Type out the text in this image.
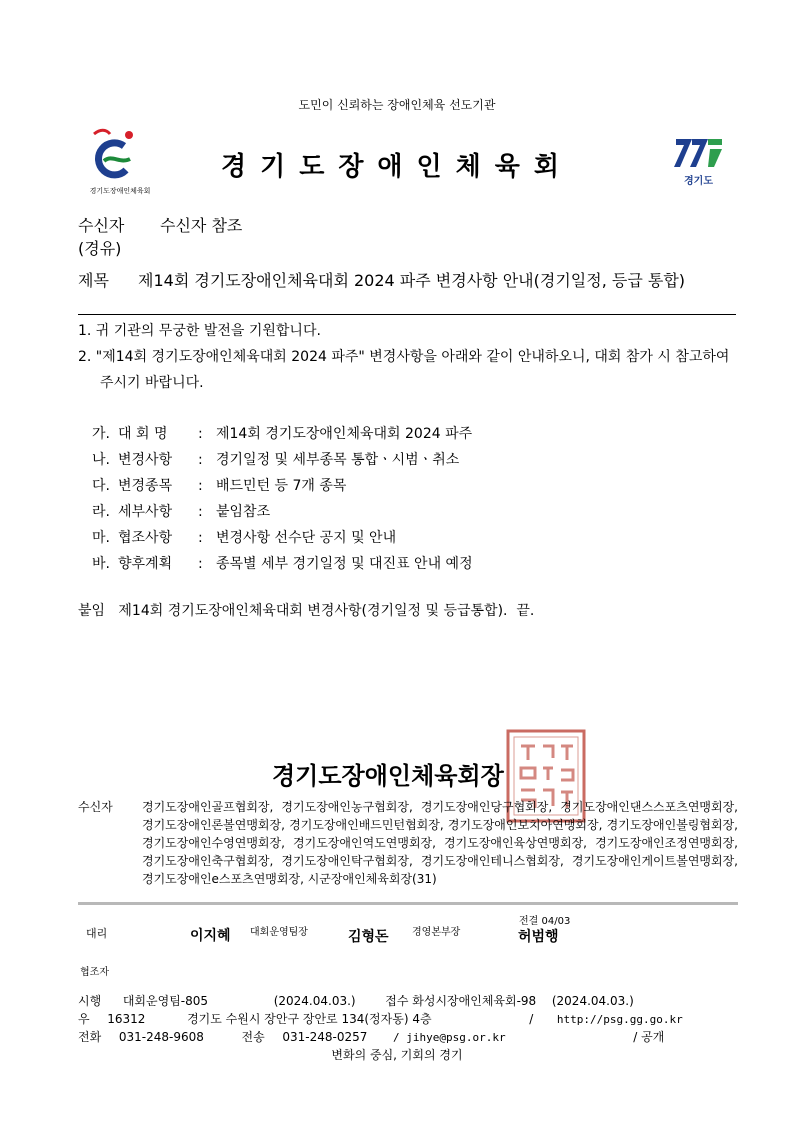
도민이 신뢰하는 장애인체육 선도기관
경기도장애인체육회
경기도장애인체육회	경기도
수신자 수신자 참조
(경유)
제목 제14회 경기도장애인체육대회 2024 파주 변경사항 안내(경기일정, 등급 통합)
1. 귀 기관의 무궁한 발전을 기원합니다.
2. "제14회 경기도장애인체육대회 2024 파주" 변경사항을 아래와 같이 안내하오니, 대회 참가 시 참고하여 주시기 바랍니다.
가. 대 회 명 : 제14회 경기도장애인체육대회 2024 파주
나. 변경사항 : 경기일정 및 세부종목 통합ㆍ시범ㆍ취소
다. 변경종목 : 배드민턴 등 7개 종목
라. 세부사항 : 붙임참조
마. 협조사항 : 변경사항 선수단 공지 및 안내
바. 향후계획 : 종목별 세부 경기일정 및 대진표 안내 예정
붙임   제14회 경기도장애인체육대회 변경사항(경기일정 및 등급통합).  끝.
경기도장애인체육회장
수신자 경기도장애인골프협회장, 경기도장애인농구협회장, 경기도장애인당구협회장, 경기도장애인댄스스포츠연맹회장, 경기도장애인론볼연맹회장, 경기도장애인배드민턴협회장, 경기도장애인보치아연맹회장, 경기도장애인볼링협회장, 경기도장애인수영연맹회장, 경기도장애인역도연맹회장, 경기도장애인육상연맹회장, 경기도장애인조정연맹회장, 경기도장애인축구협회장, 경기도장애인탁구협회장, 경기도장애인테니스협회장, 경기도장애인게이트볼연맹회장, 경기도장애인e스포츠연맹회장, 시군장애인체육회장(31)
대리	이지혜 대회운영팀장	김형돈 경영본부장
전결 04/03
허범행
협조자
시행 대회운영팀-805	(2024.04.03.) 접수 화성시장애인체육회-98 (2024.04.03.)
우 16312	경기도 수원시 장안구 장안로 134(정자동) 4층	/ http://psg.gg.go.kr
전화 031-248-9608	전송 031-248-0257 / jihye@psg.or.kr	/ 공개
변화의 중심, 기회의 경기
